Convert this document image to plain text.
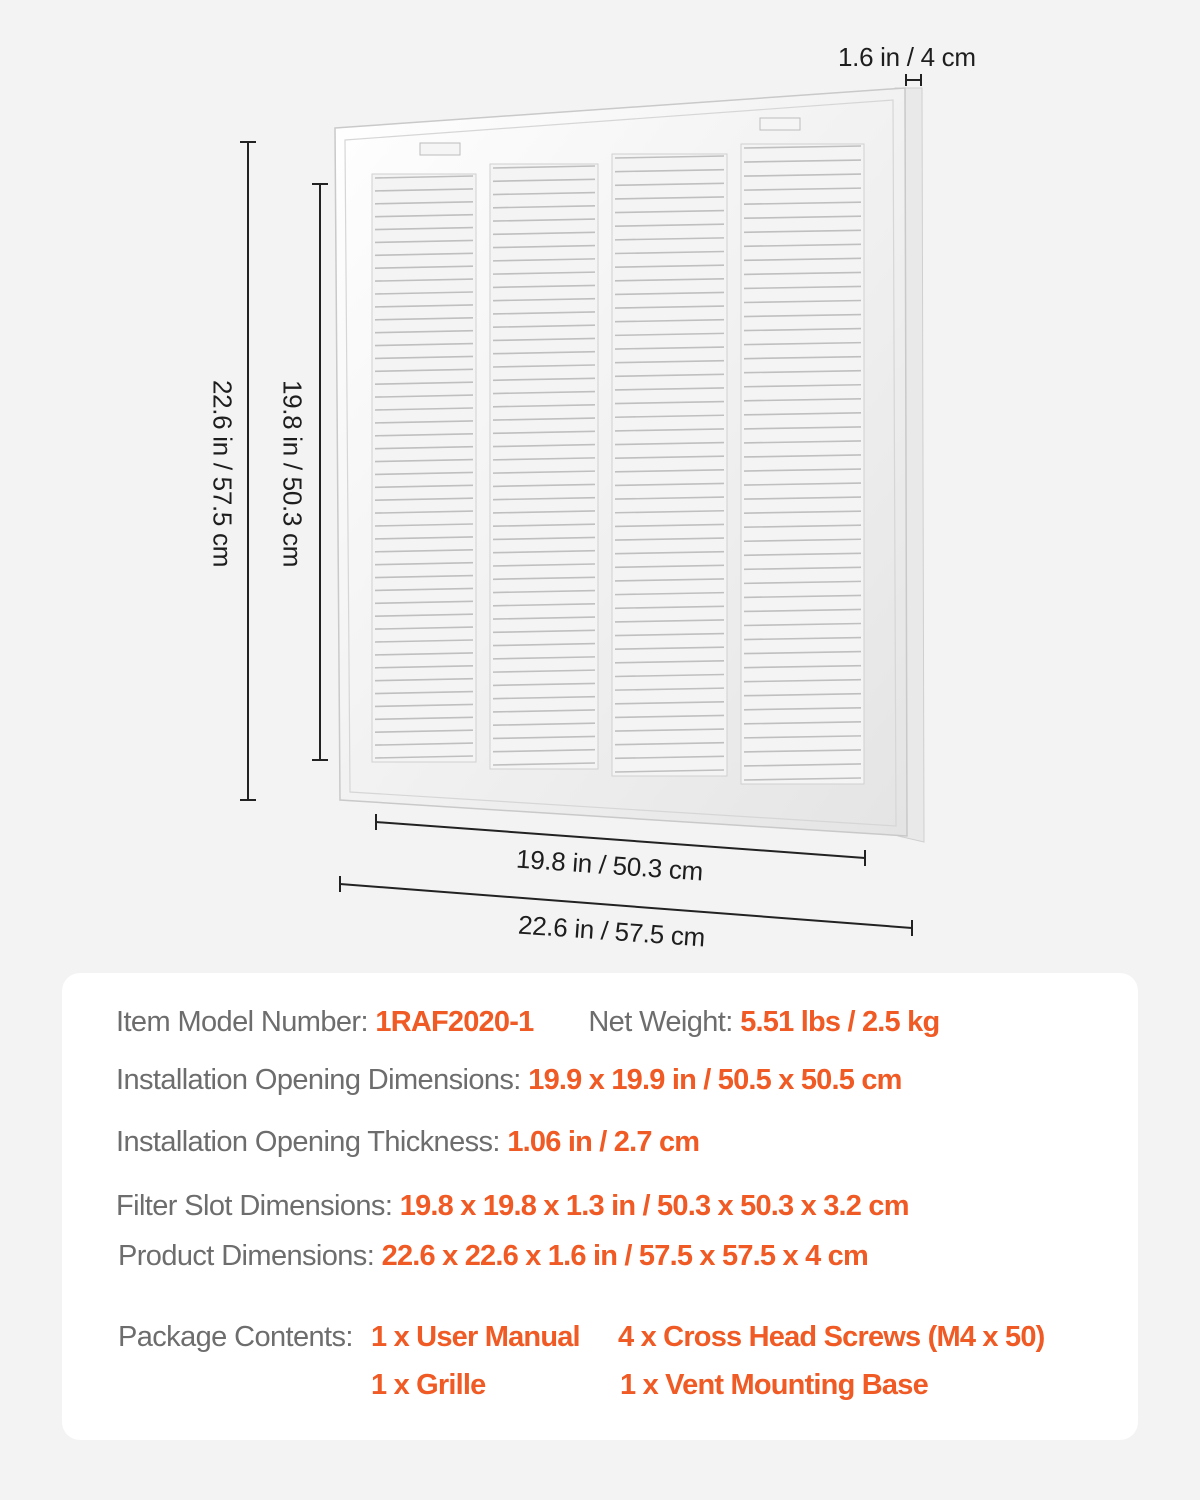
1.6 in / 4 cm
22.6 in / 57.5 cm 19.8 in / 50.3 cm
19.8 in / 50.3 cm
22.6 in / 57.5 cm
Item Model Number: 1RAF2020-1 Net Weight: 5.51 lbs / 2.5 kg
Installation Opening Dimensions: 19.9 x 19.9 in / 50.5 x 50.5 cm
Installation Opening Thickness: 1.06 in / 2.7 cm
Filter Slot Dimensions: 19.8 x 19.8 x 1.3 in / 50.3 x 50.3 x 3.2 cm
Product Dimensions: 22.6 x 22.6 x 1.6 in / 57.5 x 57.5 x 4 cm
Package Contents: 1 x User Manual 4 x Cross Head Screws (M4 x 50)
1 x Grille	1 x Vent Mounting Base
